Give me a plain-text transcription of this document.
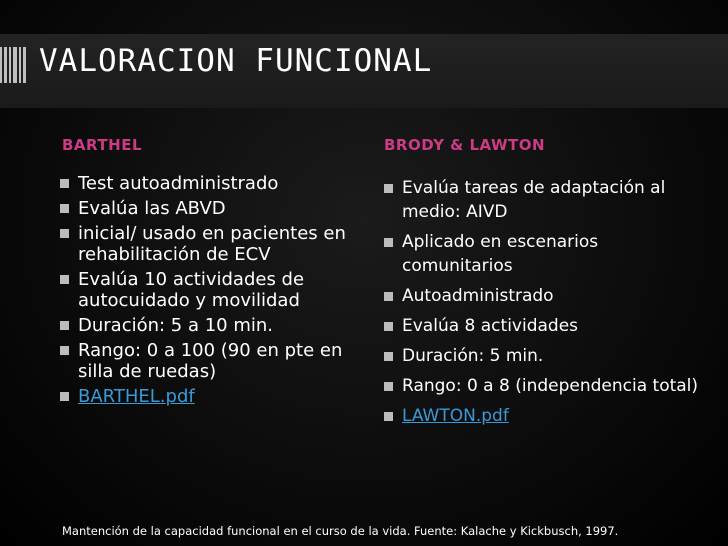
VALORACION FUNCIONAL
BARTHEL	BRODY & LAWTON
Test autoadministrado
Evalúa las ABVD
inicial/ usado en pacientes en rehabilitación de ECV
Evalúa 10 actividades de autocuidado y movilidad
Duración: 5 a 10 min.
Rango: 0 a 100 (90 en pte en silla de ruedas)
BARTHEL.pdf
Evalúa tareas de adaptación al medio: AIVD
Aplicado en escenarios comunitarios
Autoadministrado
Evalúa 8 actividades
Duración: 5 min.
Rango: 0 a 8 (independencia total)
LAWTON.pdf
Mantención de la capacidad funcional en el curso de la vida. Fuente: Kalache y Kickbusch, 1997.
